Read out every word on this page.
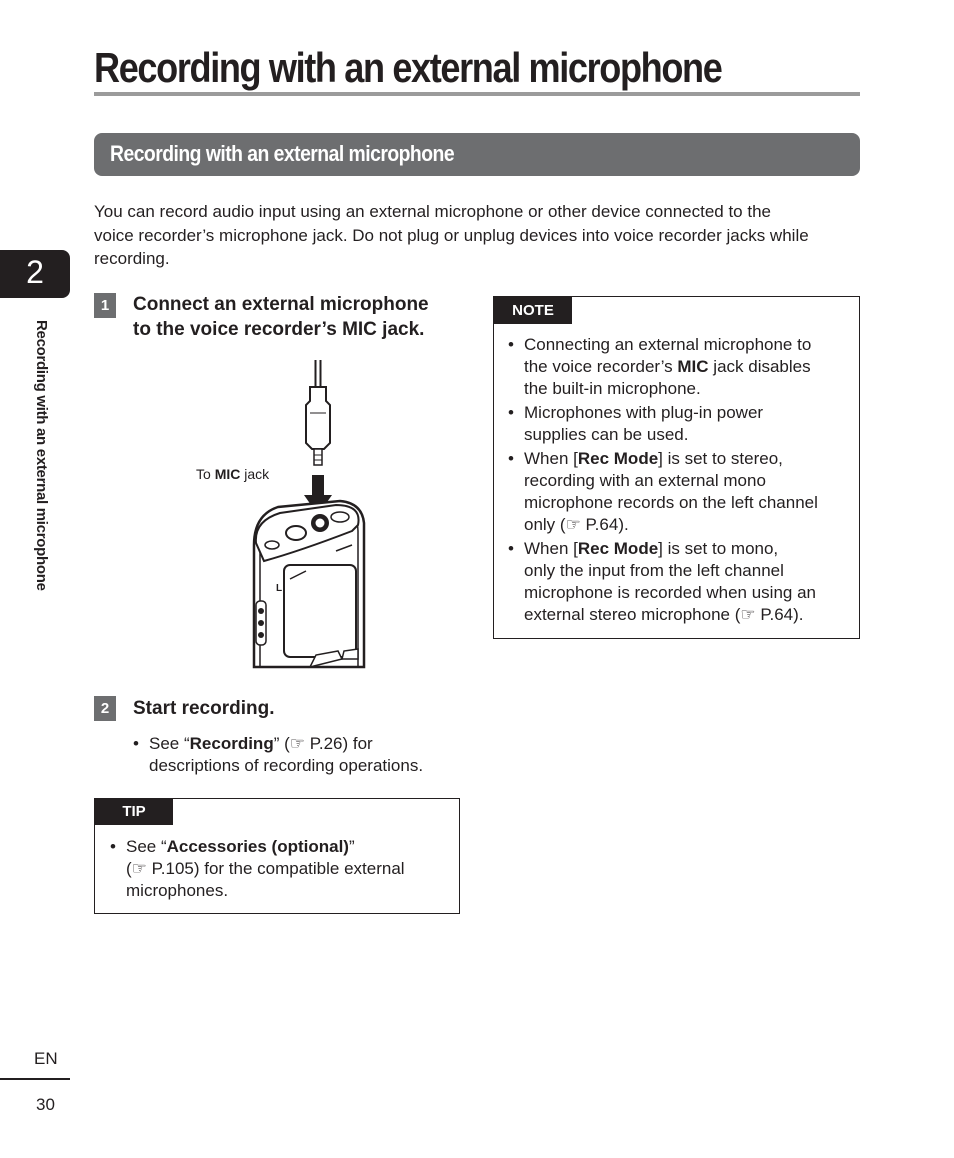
Recording with an external microphone
Recording with an external microphone
You can record audio input using an external microphone or other device connected to the
voice recorder’s microphone jack. Do not plug or unplug devices into voice recorder jacks while
recording.
2
Recording with an external microphone
1	Connect an external microphone
to the voice recorder’s MIC jack.
To MIC jack
L
2	Start recording.
• See “Recording” (☞ P.26) for
descriptions of recording operations.
TIP
• See “Accessories (optional)”
(☞ P.105) for the compatible external
microphones.
NOTE
• Connecting an external microphone to
the voice recorder’s MIC jack disables
the built-in microphone.
• Microphones with plug-in power
supplies can be used.
• When [Rec Mode] is set to stereo,
recording with an external mono
microphone records on the left channel
only (☞ P.64).
• When [Rec Mode] is set to mono,
only the input from the left channel
microphone is recorded when using an
external stereo microphone (☞ P.64).
EN
30
